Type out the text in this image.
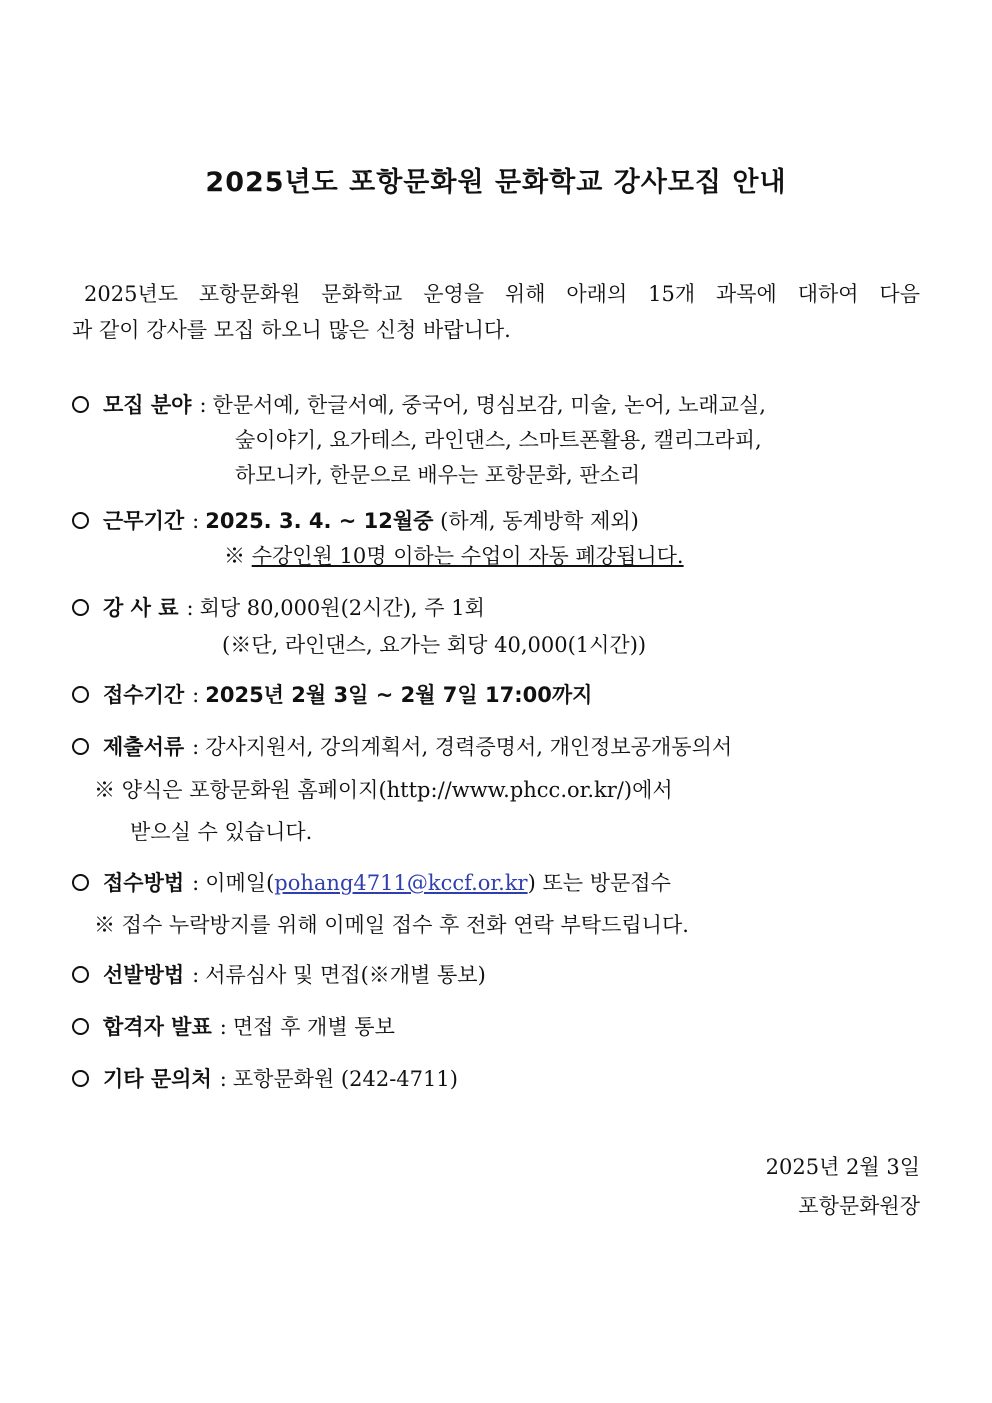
2025년도 포항문화원 문화학교 강사모집 안내

2025년도 포항문화원 문화학교 운영을 위해 아래의 15개 과목에 대하여 다음
과 같이 강사를 모집 하오니 많은 신청 바랍니다.

모집 분야 : 한문서예, 한글서예, 중국어, 명심보감, 미술, 논어, 노래교실,
숲이야기, 요가테스, 라인댄스, 스마트폰활용, 캘리그라피,
하모니카, 한문으로 배우는 포항문화, 판소리
근무기간 : 2025. 3. 4. ~ 12월중 (하계, 동계방학 제외)
※ 수강인원 10명 이하는 수업이 자동 폐강됩니다.
강 사 료 : 회당 80,000원(2시간), 주 1회
(※단, 라인댄스, 요가는 회당 40,000(1시간))
접수기간 : 2025년 2월 3일 ~ 2월 7일 17:00까지
제출서류 : 강사지원서, 강의계획서, 경력증명서, 개인정보공개동의서
※ 양식은 포항문화원 홈페이지(http://www.phcc.or.kr/)에서
받으실 수 있습니다.
접수방법 : 이메일(pohang4711@kccf.or.kr) 또는 방문접수
※ 접수 누락방지를 위해 이메일 접수 후 전화 연락 부탁드립니다.
선발방법 : 서류심사 및 면접(※개별 통보)
합격자 발표 : 면접 후 개별 통보
기타 문의처 : 포항문화원 (242-4711)
2025년 2월 3일
포항문화원장
